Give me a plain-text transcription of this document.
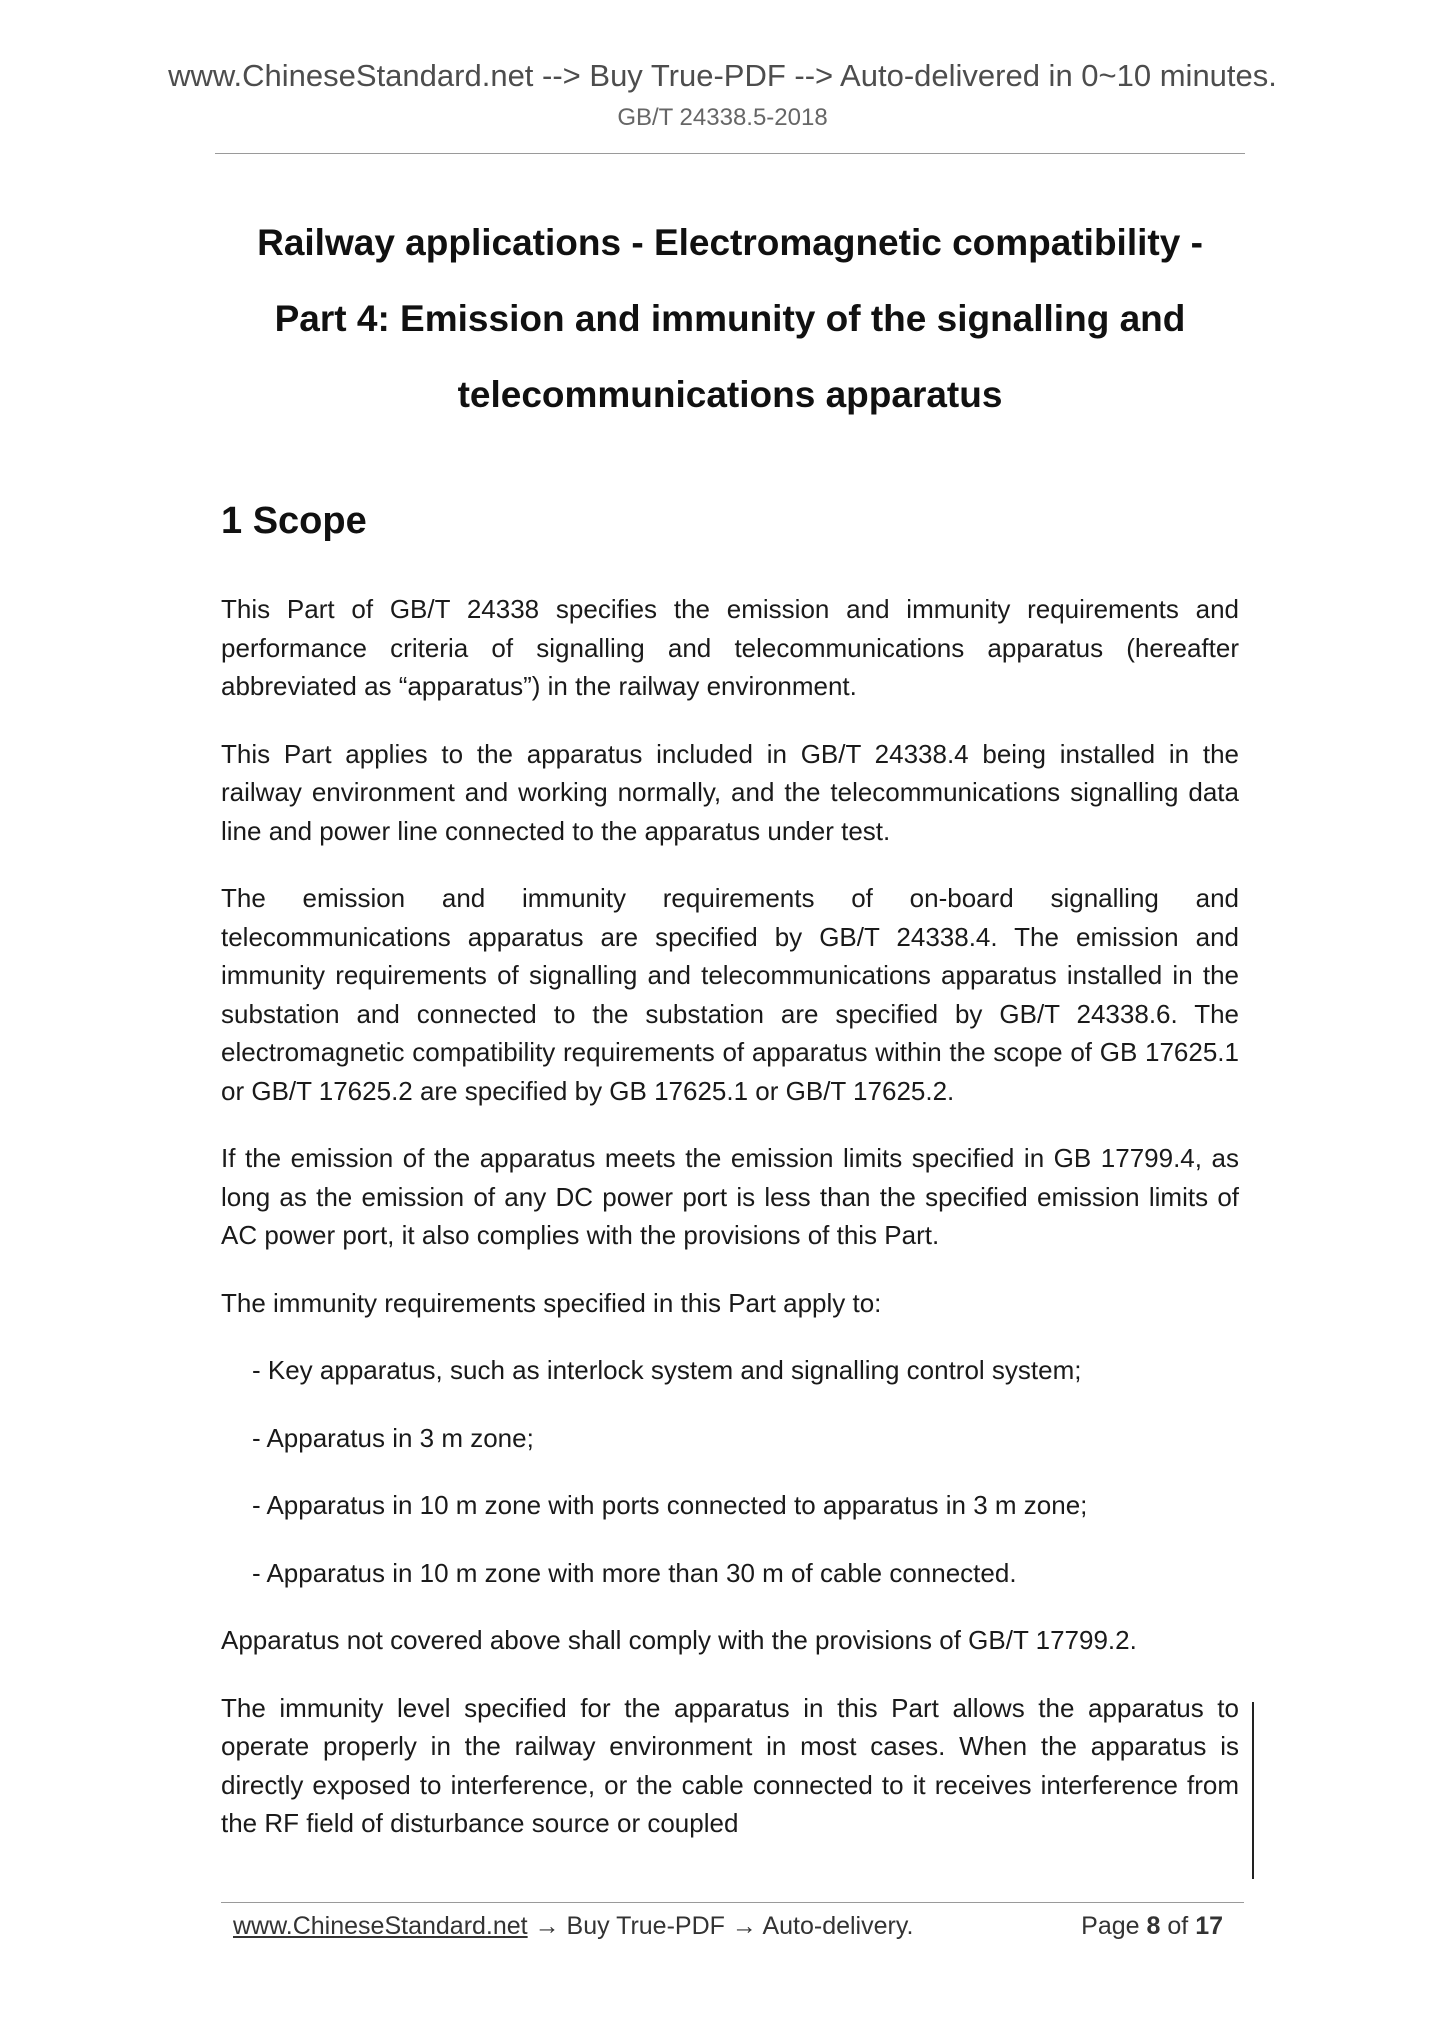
www.ChineseStandard.net --> Buy True-PDF --> Auto-delivered in 0~10 minutes.
GB/T 24338.5-2018
Railway applications - Electromagnetic compatibility -
Part 4: Emission and immunity of the signalling and
telecommunications apparatus
1 Scope

This Part of GB/T 24338 specifies the emission and immunity requirements and performance criteria of signalling and telecommunications apparatus (hereafter abbreviated as “apparatus”) in the railway environment.

This Part applies to the apparatus included in GB/T 24338.4 being installed in the railway environment and working normally, and the telecommunications signalling data line and power line connected to the apparatus under test.

The emission and immunity requirements of on-board signalling and telecommunications apparatus are specified by GB/T 24338.4. The emission and immunity requirements of signalling and telecommunications apparatus installed in the substation and connected to the substation are specified by GB/T 24338.6. The electromagnetic compatibility requirements of apparatus within the scope of GB 17625.1 or GB/T 17625.2 are specified by GB 17625.1 or GB/T 17625.2.

If the emission of the apparatus meets the emission limits specified in GB 17799.4, as long as the emission of any DC power port is less than the specified emission limits of AC power port, it also complies with the provisions of this Part.

The immunity requirements specified in this Part apply to:

- Key apparatus, such as interlock system and signalling control system;

- Apparatus in 3 m zone;

- Apparatus in 10 m zone with ports connected to apparatus in 3 m zone;

- Apparatus in 10 m zone with more than 30 m of cable connected.

Apparatus not covered above shall comply with the provisions of GB/T 17799.2.

The immunity level specified for the apparatus in this Part allows the apparatus to operate properly in the railway environment in most cases. When the apparatus is directly exposed to interference, or the cable connected to it receives interference from the RF field of disturbance source or coupled

www.ChineseStandard.net → Buy True-PDF → Auto-delivery.	Page 8 of 17
